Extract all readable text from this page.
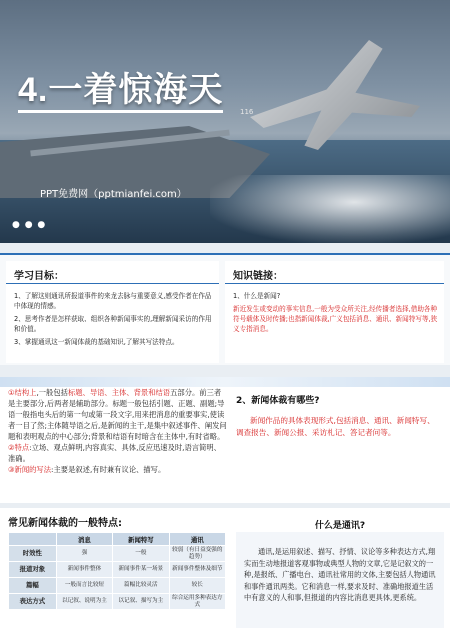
4.一着惊海天
116
PPT免费网（pptmianfei.com）
● ● ●
学习目标：

1、了解这则通讯所报道事件的来龙去脉与重要意义,感受作者在作品中体现的情感。

2、思考作者是怎样获取、组织各种新闻事实的,理解新闻采访的作用和价值。

3、掌握通讯这一新闻体裁的基础知识,了解其写法特点。

知识链接：

1、什么是新闻?

新近发生或变动的事实信息,一般为受众所关注,经传播者选择,借助各种符号载体及时传播;也指新闻体裁,广义包括消息、通讯、新闻特写等,狭义专指消息。

①结构上,一般包括标题、导语、主体、背景和结语五部分。前三者是主要部分,后两者是辅助部分。标题一般包括引题、正题、副题;导语一般指电头后的第一句或第一段文字,用来把消息的重要事实,使读者一目了然;主体随导语之后,是新闻的主干,是集中叙述事件、阐发问题和表明观点的中心部分;背景和结语有时暗含在主体中,有时省略。
②特点:立场、观点鲜明,内容真实、具体,反应迅速及时,语言简明、准确。
③新闻的写法:主要是叙述,有时兼有议论、描写。
2、新闻体裁有哪些?
新闻作品的具体表现形式,包括消息、通讯、新闻特写、调查报告、新闻公报、采访札记、答记者问等。
常见新闻体裁的一般特点:
	消息	新闻特写	通讯
时效性	强	一般	较弱（有日益变强的趋势）
报道对象	新闻事件整体	新闻事件某一场景	新闻事件整体及细节
篇幅	一般而言比较短	篇幅比较灵活	较长
表达方式	以记叙、说明为主	以记叙、描写为主	综合运用多种表达方式
什么是通讯?
通讯,是运用叙述、描写、抒情、议论等多种表达方式,翔实而生动地报道客观事物或典型人物的文章,它是记叙文的一种,是报纸、广播电台、通讯社常用的文体,主要包括人物通讯和事件通讯两类。它和消息一样,要求及时、准确地报道生活中有意义的人和事,但报道的内容比消息更具体,更系统。
